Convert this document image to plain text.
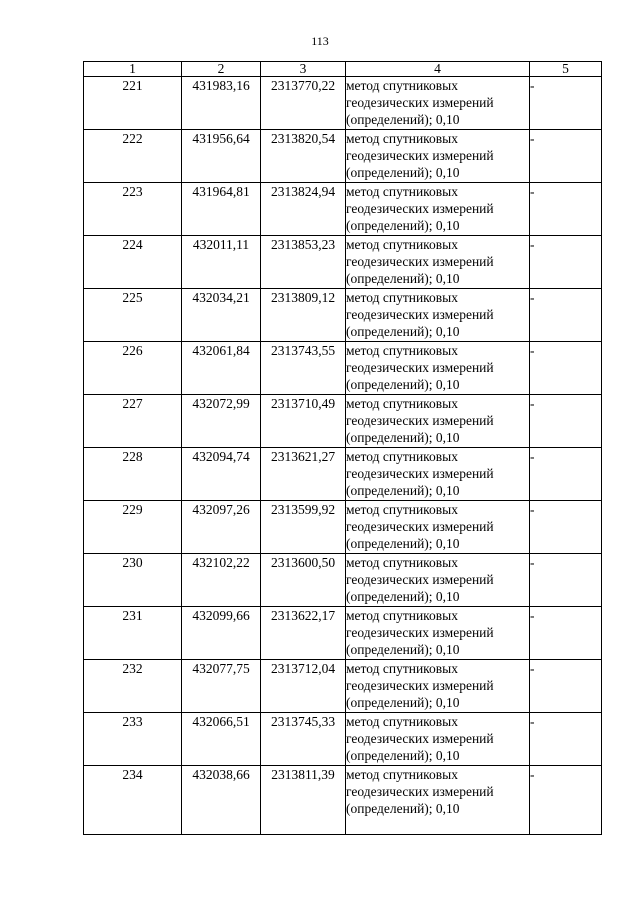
113
1	2	3	4	5
221	431983,16	2313770,22	метод спутниковых
геодезических измерений
(определений); 0,10	-
222	431956,64	2313820,54	метод спутниковых
геодезических измерений
(определений); 0,10	-
223	431964,81	2313824,94	метод спутниковых
геодезических измерений
(определений); 0,10	-
224	432011,11	2313853,23	метод спутниковых
геодезических измерений
(определений); 0,10	-
225	432034,21	2313809,12	метод спутниковых
геодезических измерений
(определений); 0,10	-
226	432061,84	2313743,55	метод спутниковых
геодезических измерений
(определений); 0,10	-
227	432072,99	2313710,49	метод спутниковых
геодезических измерений
(определений); 0,10	-
228	432094,74	2313621,27	метод спутниковых
геодезических измерений
(определений); 0,10	-
229	432097,26	2313599,92	метод спутниковых
геодезических измерений
(определений); 0,10	-
230	432102,22	2313600,50	метод спутниковых
геодезических измерений
(определений); 0,10	-
231	432099,66	2313622,17	метод спутниковых
геодезических измерений
(определений); 0,10	-
232	432077,75	2313712,04	метод спутниковых
геодезических измерений
(определений); 0,10	-
233	432066,51	2313745,33	метод спутниковых
геодезических измерений
(определений); 0,10	-
234	432038,66	2313811,39	метод спутниковых
геодезических измерений
(определений); 0,10	-
